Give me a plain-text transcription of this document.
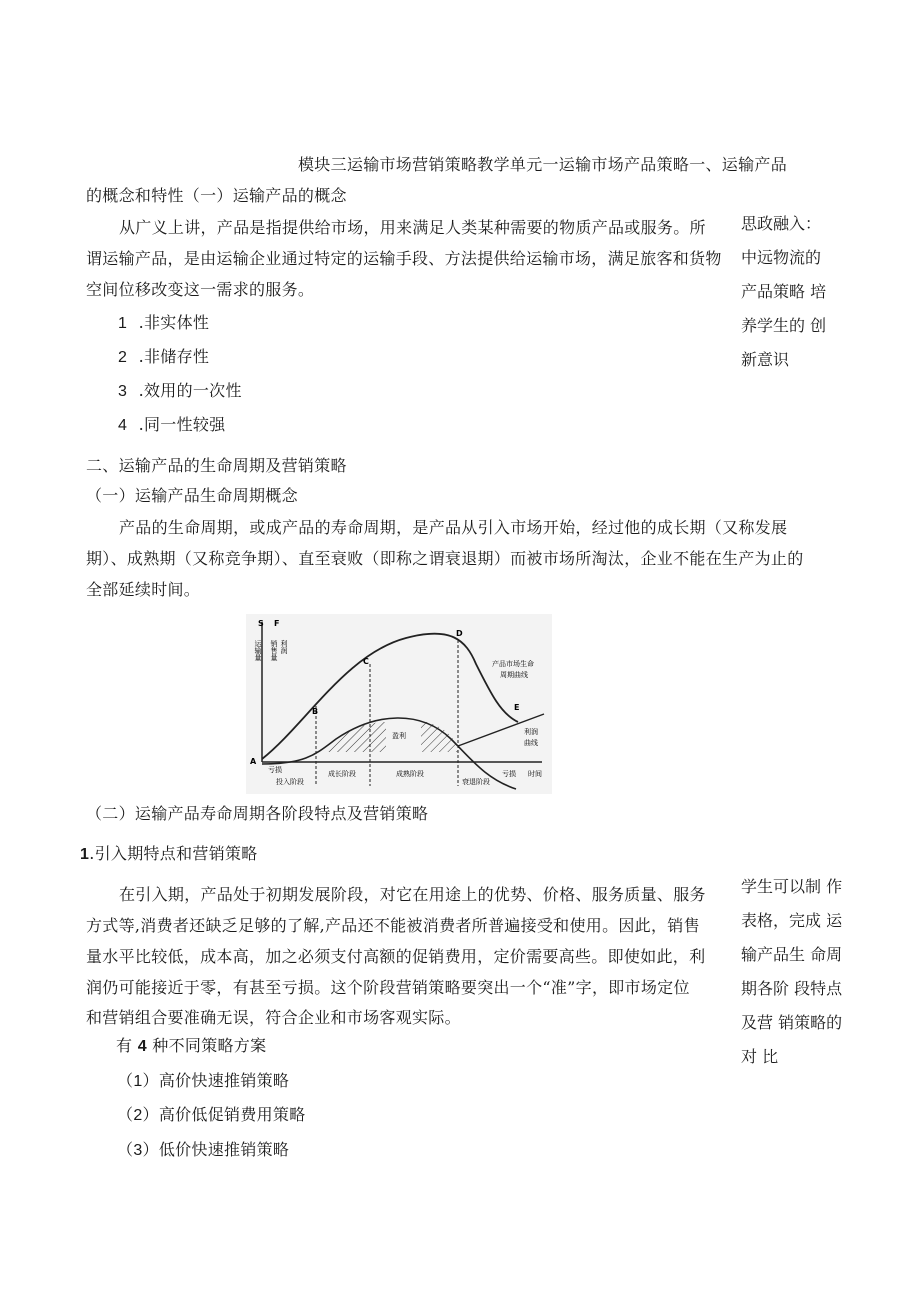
模块三运输市场营销策略教学单元一运输市场产品策略一、运输产品

的概念和特性（一）运输产品的概念

从广义上讲，产品是指提供给市场，用来满足人类某种需要的物质产品或服务。所

谓运输产品，是由运输企业通过特定的运输手段、方法提供给运输市场，满足旅客和货物

空间位移改变这一需求的服务。

思政融入：
中远物流的
产品策略 培
养学生的 创
新意识

1 .非实体性

2 .非储存性

3 .效用的一次性

4 .同一性较强

二、运输产品的生命周期及营销策略

（一）运输产品生命周期概念

产品的生命周期，或成产品的寿命周期，是产品从引入市场开始，经过他的成长期（又称发展

期）、成熟期（又称竞争期）、直至衰败（即称之谓衰退期）而被市场所淘汰，企业不能在生产为止的

全部延续时间。

S
运输量
F
销售量 利润
A
B
C
D
E
产品市场生命
周期曲线
利润
曲线
盈利
亏损	亏损 时间
投入阶段
成长阶段	成熟阶段
衰退阶段

（二）运输产品寿命周期各阶段特点及营销策略

1.引入期特点和营销策略

在引入期，产品处于初期发展阶段，对它在用途上的优势、价格、服务质量、服务

方式等,消费者还缺乏足够的了解,产品还不能被消费者所普遍接受和使用。因此，销售

量水平比较低，成本高，加之必须支付高额的促销费用，定价需要高些。即使如此，利

润仍可能接近于零，有甚至亏损。这个阶段营销策略要突出一个“准”字，即市场定位

和营销组合要准确无误，符合企业和市场客观实际。

学生可以制 作
表格，完成 运
输产品生 命周
期各阶 段特点
及营 销策略的
对 比

有 4 种不同策略方案

（1）高价快速推销策略

（2）高价低促销费用策略

（3）低价快速推销策略
